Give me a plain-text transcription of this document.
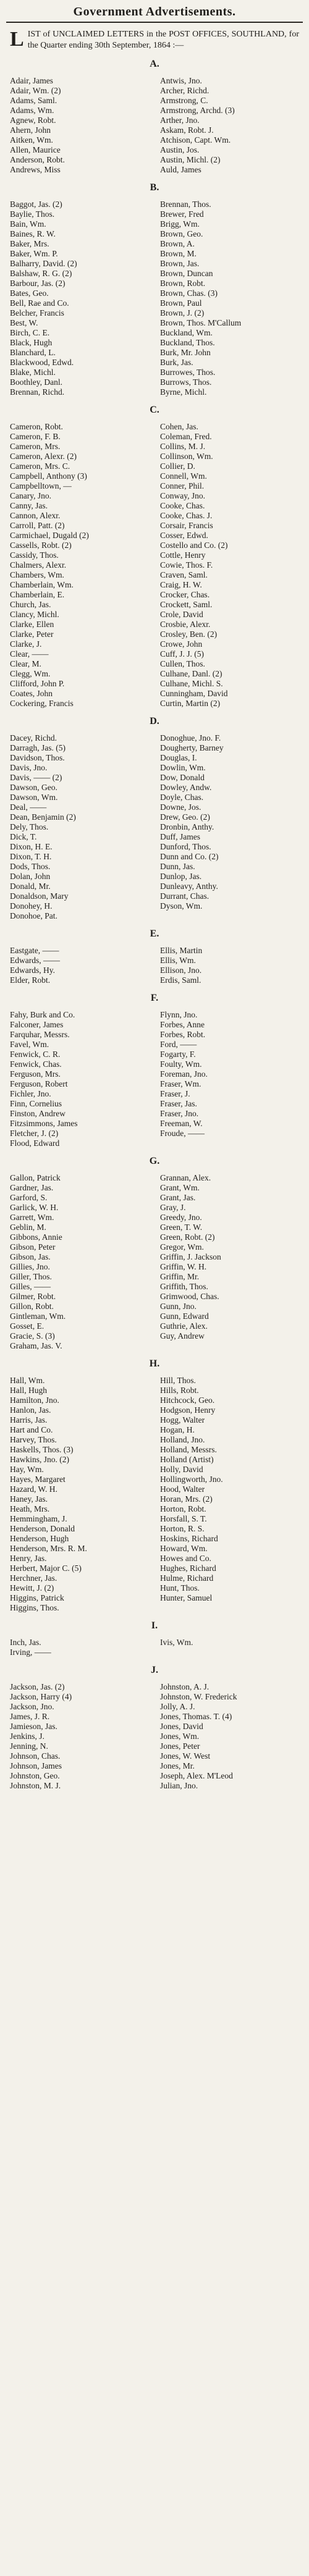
Government Advertisements.
L IST of UNCLAIMED LETTERS in the POST OFFICES, SOUTHLAND, for the Quarter ending 30th September, 1864 :—
A.
Adair, James	Antwis, Jno.
Adair, Wm. (2)	Archer, Richd.
Adams, Saml.	Armstrong, C.
Adams, Wm.	Armstrong, Archd. (3)
Agnew, Robt.	Arther, Jno.
Ahern, John	Askam, Robt. J.
Aitken, Wm.	Atchison, Capt. Wm.
Allen, Maurice	Austin, Jos.
Anderson, Robt.	Austin, Michl. (2)
Andrews, Miss	Auld, James
B.
Baggot, Jas. (2)	Brennan, Thos.
Baylie, Thos.	Brewer, Fred
Bain, Wm.	Brigg, Wm.
Baines, R. W.	Brown, Geo.
Baker, Mrs.	Brown, A.
Baker, Wm. P.	Brown, M.
Balharry, David. (2)	Brown, Jas.
Balshaw, R. G. (2)	Brown, Duncan
Barbour, Jas. (2)	Brown, Robt.
Bates, Geo.	Brown, Chas. (3)
Bell, Rae and Co.	Brown, Paul
Belcher, Francis	Brown, J. (2)
Best, W.	Brown, Thos. M'Callum
Birch, C. E.	Buckland, Wm.
Black, Hugh	Buckland, Thos.
Blanchard, L.	Burk, Mr. John
Blackwood, Edwd.	Burk, Jas.
Blake, Michl.	Burrowes, Thos.
Boothley, Danl.	Burrows, Thos.
Brennan, Richd.	Byrne, Michl.
C.
Cameron, Robt.	Cohen, Jas.
Cameron, F. B.	Coleman, Fred.
Cameron, Mrs.	Collins, M. J.
Cameron, Alexr. (2)	Collinson, Wm.
Cameron, Mrs. C.	Collier, D.
Campbell, Anthony (3)	Connell, Wm.
Campbelltown, —	Conner, Phil.
Canary, Jno.	Conway, Jno.
Canny, Jas.	Cooke, Chas.
Cannon, Alexr.	Cooke, Chas. J.
Carroll, Patt. (2)	Corsair, Francis
Carmichael, Dugald (2)	Cosser, Edwd.
Cassells, Robt. (2)	Costello and Co. (2)
Cassidy, Thos.	Cottle, Henry
Chalmers, Alexr.	Cowie, Thos. F.
Chambers, Wm.	Craven, Saml.
Chamberlain, Wm.	Craig, H. W.
Chamberlain, E.	Crocker, Chas.
Church, Jas.	Crockett, Saml.
Clancy, Michl.	Crole, David
Clarke, Ellen	Crosbie, Alexr.
Clarke, Peter	Crosley, Ben. (2)
Clarke, J.	Crowe, John
Clear, ——	Cuff, J. J. (5)
Clear, M.	Cullen, Thos.
Clegg, Wm.	Culhane, Danl. (2)
Clifford, John P.	Culhane, Michl. S.
Coates, John	Cunningham, David
Cockering, Francis	Curtin, Martin (2)
D.
Dacey, Richd.	Donoghue, Jno. F.
Darragh, Jas. (5)	Dougherty, Barney
Davidson, Thos.	Douglas, I.
Davis, Jno.	Dowlin, Wm.
Davis, —— (2)	Dow, Donald
Dawson, Geo.	Dowley, Andw.
Dawson, Wm.	Doyle, Chas.
Deal, ——	Downe, Jos.
Dean, Benjamin (2)	Drew, Geo. (2)
Dely, Thos.	Dronbin, Anthy.
Dick, T.	Duff, James
Dixon, H. E.	Dunford, Thos.
Dixon, T. H.	Dunn and Co. (2)
Dods, Thos.	Dunn, Jas.
Dolan, John	Dunlop, Jas.
Donald, Mr.	Dunleavy, Anthy.
Donaldson, Mary	Durrant, Chas.
Donohey, H.	Dyson, Wm.
Donohoe, Pat.
E.
Eastgate, ——	Ellis, Martin
Edwards, ——	Ellis, Wm.
Edwards, Hy.	Ellison, Jno.
Elder, Robt.	Erdis, Saml.
F.
Fahy, Burk and Co.	Flynn, Jno.
Falconer, James	Forbes, Anne
Farquhar, Messrs.	Forbes, Robt.
Favel, Wm.	Ford, ——
Fenwick, C. R.	Fogarty, F.
Fenwick, Chas.	Foulty, Wm.
Ferguson, Mrs.	Foreman, Jno.
Ferguson, Robert	Fraser, Wm.
Fichler, Jno.	Fraser, J.
Finn, Cornelius	Fraser, Jas.
Finston, Andrew	Fraser, Jno.
Fitzsimmons, James	Freeman, W.
Fletcher, J. (2)	Froude, ——
Flood, Edward
G.
Gallon, Patrick	Grannan, Alex.
Gardner, Jas.	Grant, Wm.
Garford, S.	Grant, Jas.
Garlick, W. H.	Gray, J.
Garrett, Wm.	Greedy, Jno.
Geblin, M.	Green, T. W.
Gibbons, Annie	Green, Robt. (2)
Gibson, Peter	Gregor, Wm.
Gibson, Jas.	Griffin, J. Jackson
Gillies, Jno.	Griffin, W. H.
Giller, Thos.	Griffin, Mr.
Gilles, ——	Griffith, Thos.
Gilmer, Robt.	Grimwood, Chas.
Gillon, Robt.	Gunn, Jno.
Gintleman, Wm.	Gunn, Edward
Gosset, E.	Guthrie, Alex.
Gracie, S. (3)	Guy, Andrew
Graham, Jas. V.
H.
Hall, Wm.	Hill, Thos.
Hall, Hugh	Hills, Robt.
Hamilton, Jno.	Hitchcock, Geo.
Hanlon, Jas.	Hodgson, Henry
Harris, Jas.	Hogg, Walter
Hart and Co.	Hogan, H.
Harvey, Thos.	Holland, Jno.
Haskells, Thos. (3)	Holland, Messrs.
Hawkins, Jno. (2)	Holland (Artist)
Hay, Wm.	Holly, David
Hayes, Margaret	Hollingworth, Jno.
Hazard, W. H.	Hood, Walter
Haney, Jas.	Horan, Mrs. (2)
Heath, Mrs.	Horton, Robt.
Hemmingham, J.	Horsfall, S. T.
Henderson, Donald	Horton, R. S.
Henderson, Hugh	Hoskins, Richard
Henderson, Mrs. R. M.	Howard, Wm.
Henry, Jas.	Howes and Co.
Herbert, Major C. (5)	Hughes, Richard
Herchner, Jas.	Hulme, Richard
Hewitt, J. (2)	Hunt, Thos.
Higgins, Patrick	Hunter, Samuel
Higgins, Thos.
I.
Inch, Jas.	Ivis, Wm.
Irving, ——
J.
Jackson, Jas. (2)	Johnston, A. J.
Jackson, Harry (4)	Johnston, W. Frederick
Jackson, Jno.	Jolly, A. J.
James, J. R.	Jones, Thomas. T. (4)
Jamieson, Jas.	Jones, David
Jenkins, J.	Jones, Wm.
Jenning, N.	Jones, Peter
Johnson, Chas.	Jones, W. West
Johnson, James	Jones, Mr.
Johnston, Geo.	Joseph, Alex. M'Leod
Johnston, M. J.	Julian, Jno.
